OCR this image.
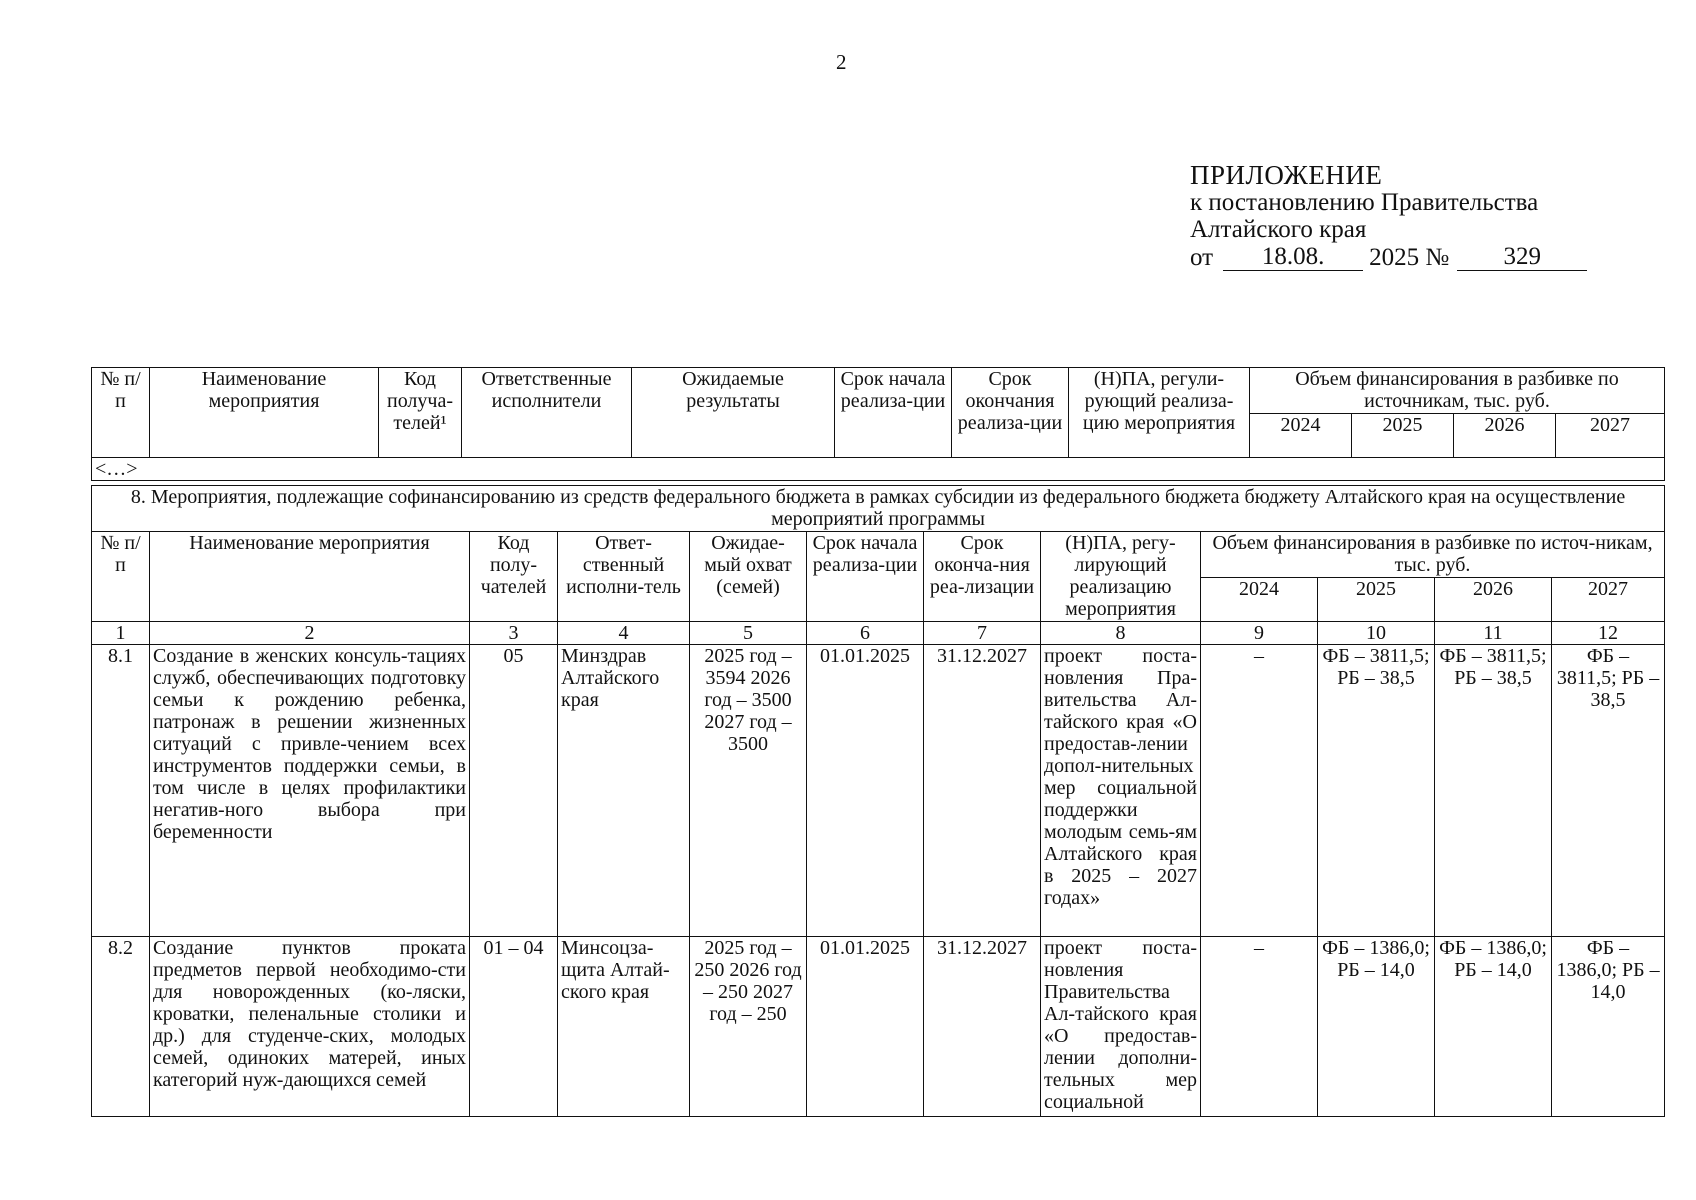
2
ПРИЛОЖЕНИЕ
к постановлению Правительства
Алтайского края
от	18.08.	2025 №	329
№ п/п	Наименование мероприятия	Код получа-телей¹	Ответственные исполнители	Ожидаемые результаты	Срок начала реализа-ции	Срок окончания реализа-ции	(Н)ПА, регули-рующий реализа-цию мероприятия	Объем финансирования в разбивке по источникам, тыс. руб.			
								2024	2025	2026	2027
<…>											
8. Мероприятия, подлежащие софинансированию из средств федерального бюджета в рамках субсидии из федерального бюджета бюджету Алтайского края на осуществление мероприятий программы											
№ п/п	Наименование мероприятия	Код полу-чателей	Ответ-ственный исполни-тель	Ожидае-мый охват (семей)	Срок начала реализа-ции	Срок оконча-ния реа-лизации	(Н)ПА, регу-лирующий реализацию мероприятия	Объем финансирования в разбивке по источ-никам, тыс. руб.			
								2024	2025	2026	2027
1	2	3	4	5	6	7	8	9	10	11	12
8.1	Создание в женских консуль-тациях служб, обеспечивающих подготовку семьи к рождению ребенка, патронаж в решении жизненных ситуаций с привле-чением всех инструментов поддержки семьи, в том числе в целях профилактики негатив-ного выбора при беременности	05	Минздрав Алтайского края	2025 год – 3594 2026 год – 3500 2027 год – 3500	01.01.2025	31.12.2027	проект поста-новления Пра-вительства Ал-тайского края «О предостав-лении допол-нительных мер социальной поддержки молодым семь-ям Алтайского края в 2025 – 2027 годах»	–	ФБ – 3811,5; РБ – 38,5	ФБ – 3811,5; РБ – 38,5	ФБ – 3811,5; РБ – 38,5
8.2	Создание пунктов проката предметов первой необходимо-сти для новорожденных (ко-ляски, кроватки, пеленальные столики и др.) для студенче-ских, молодых семей, одиноких матерей, иных категорий нуж-дающихся семей	01 – 04	Минсоцза-щита Алтай-ского края	2025 год – 250 2026 год – 250 2027 год – 250	01.01.2025	31.12.2027	проект поста-новления Правительства Ал-тайского края «О предостав-лении дополни-тельных мер социальной	–	ФБ – 1386,0; РБ – 14,0	ФБ – 1386,0; РБ – 14,0	ФБ – 1386,0; РБ – 14,0
